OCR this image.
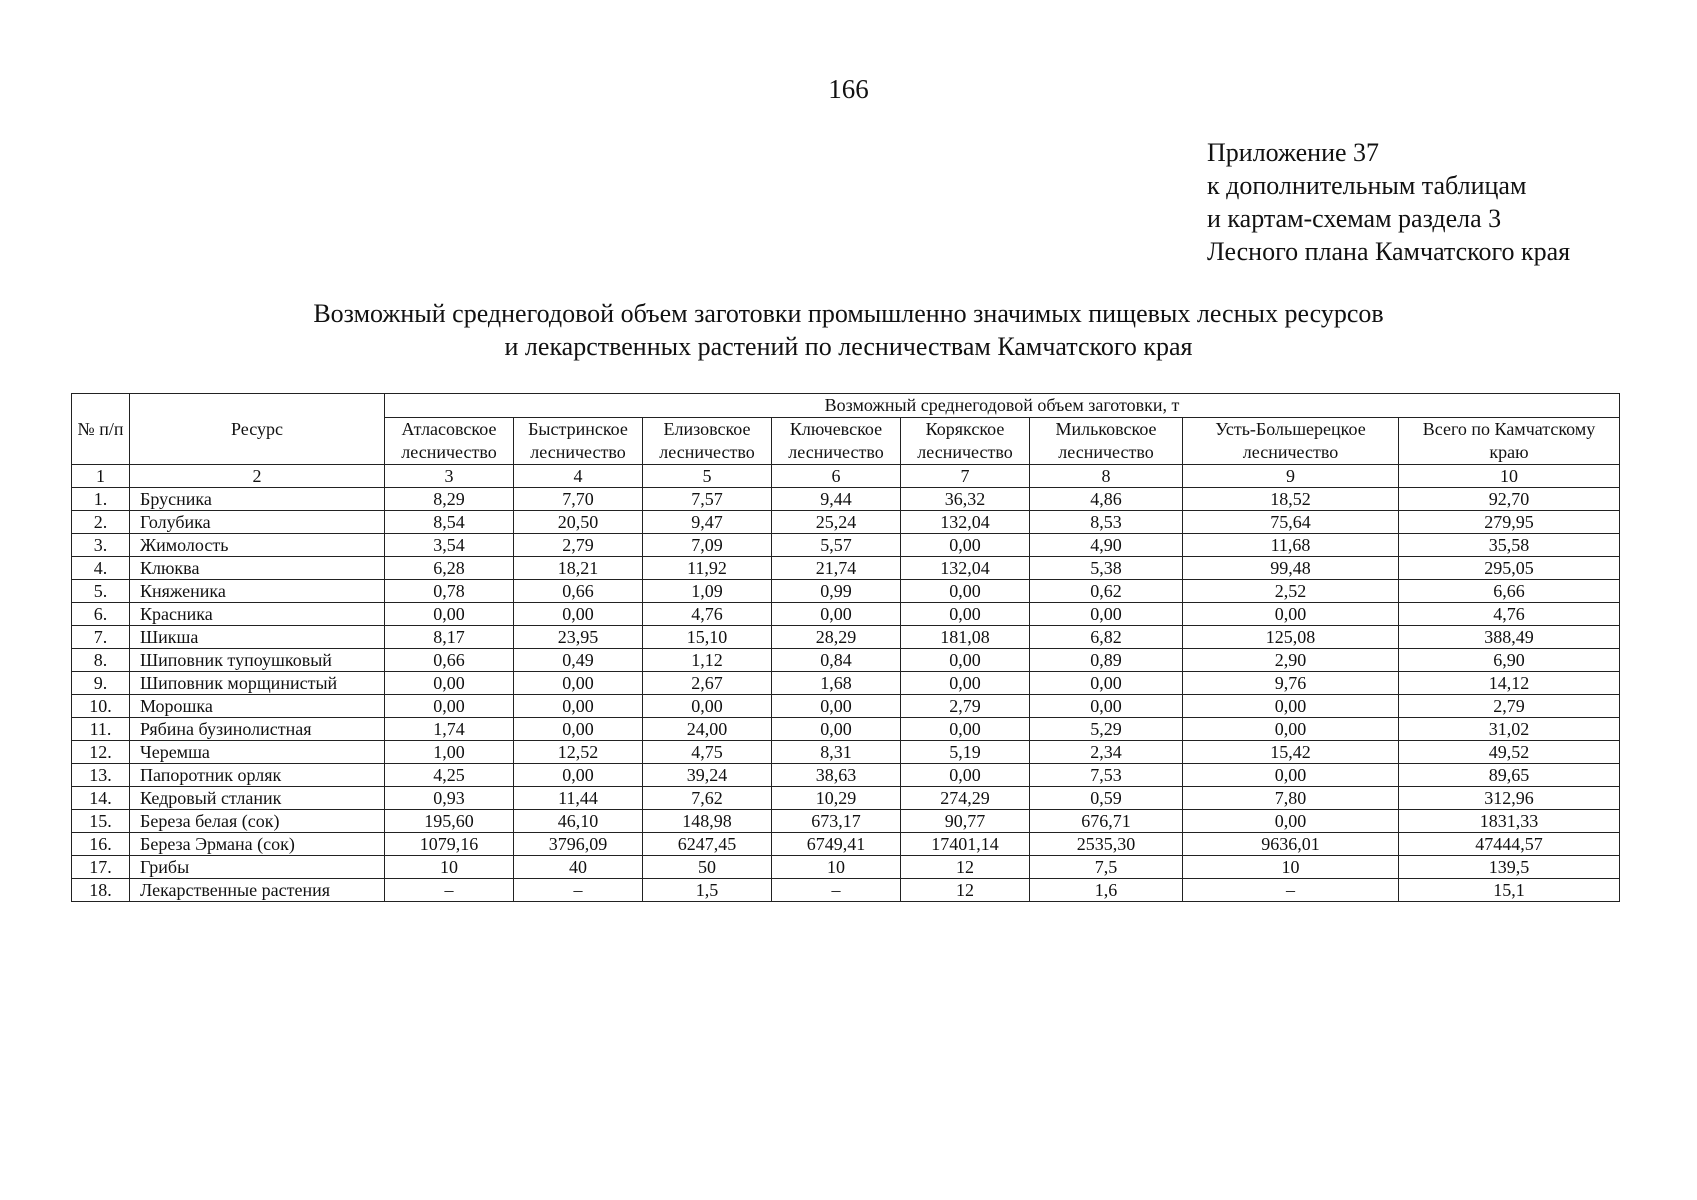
166
Приложение 37
к дополнительным таблицам
и картам-схемам раздела 3
Лесного плана Камчатского края
Возможный среднегодовой объем заготовки промышленно значимых пищевых лесных ресурсов
и лекарственных растений по лесничествам Камчатского края
№ п/п	Ресурс	Возможный среднегодовой объем заготовки, т							
		Атласовское лесничество	Быстринское лесничество	Елизовское лесничество	Ключевское лесничество	Корякское лесничество	Мильковское лесничество	Усть-Большерецкое лесничество	Всего по Камчатскому краю
1	2	3	4	5	6	7	8	9	10
1.	Брусника	8,29	7,70	7,57	9,44	36,32	4,86	18,52	92,70
2.	Голубика	8,54	20,50	9,47	25,24	132,04	8,53	75,64	279,95
3.	Жимолость	3,54	2,79	7,09	5,57	0,00	4,90	11,68	35,58
4.	Клюква	6,28	18,21	11,92	21,74	132,04	5,38	99,48	295,05
5.	Княженика	0,78	0,66	1,09	0,99	0,00	0,62	2,52	6,66
6.	Красника	0,00	0,00	4,76	0,00	0,00	0,00	0,00	4,76
7.	Шикша	8,17	23,95	15,10	28,29	181,08	6,82	125,08	388,49
8.	Шиповник тупоушковый	0,66	0,49	1,12	0,84	0,00	0,89	2,90	6,90
9.	Шиповник морщинистый	0,00	0,00	2,67	1,68	0,00	0,00	9,76	14,12
10.	Морошка	0,00	0,00	0,00	0,00	2,79	0,00	0,00	2,79
11.	Рябина бузинолистная	1,74	0,00	24,00	0,00	0,00	5,29	0,00	31,02
12.	Черемша	1,00	12,52	4,75	8,31	5,19	2,34	15,42	49,52
13.	Папоротник орляк	4,25	0,00	39,24	38,63	0,00	7,53	0,00	89,65
14.	Кедровый стланик	0,93	11,44	7,62	10,29	274,29	0,59	7,80	312,96
15.	Береза белая (сок)	195,60	46,10	148,98	673,17	90,77	676,71	0,00	1831,33
16.	Береза Эрмана (сок)	1079,16	3796,09	6247,45	6749,41	17401,14	2535,30	9636,01	47444,57
17.	Грибы	10	40	50	10	12	7,5	10	139,5
18.	Лекарственные растения	–	–	1,5	–	12	1,6	–	15,1
